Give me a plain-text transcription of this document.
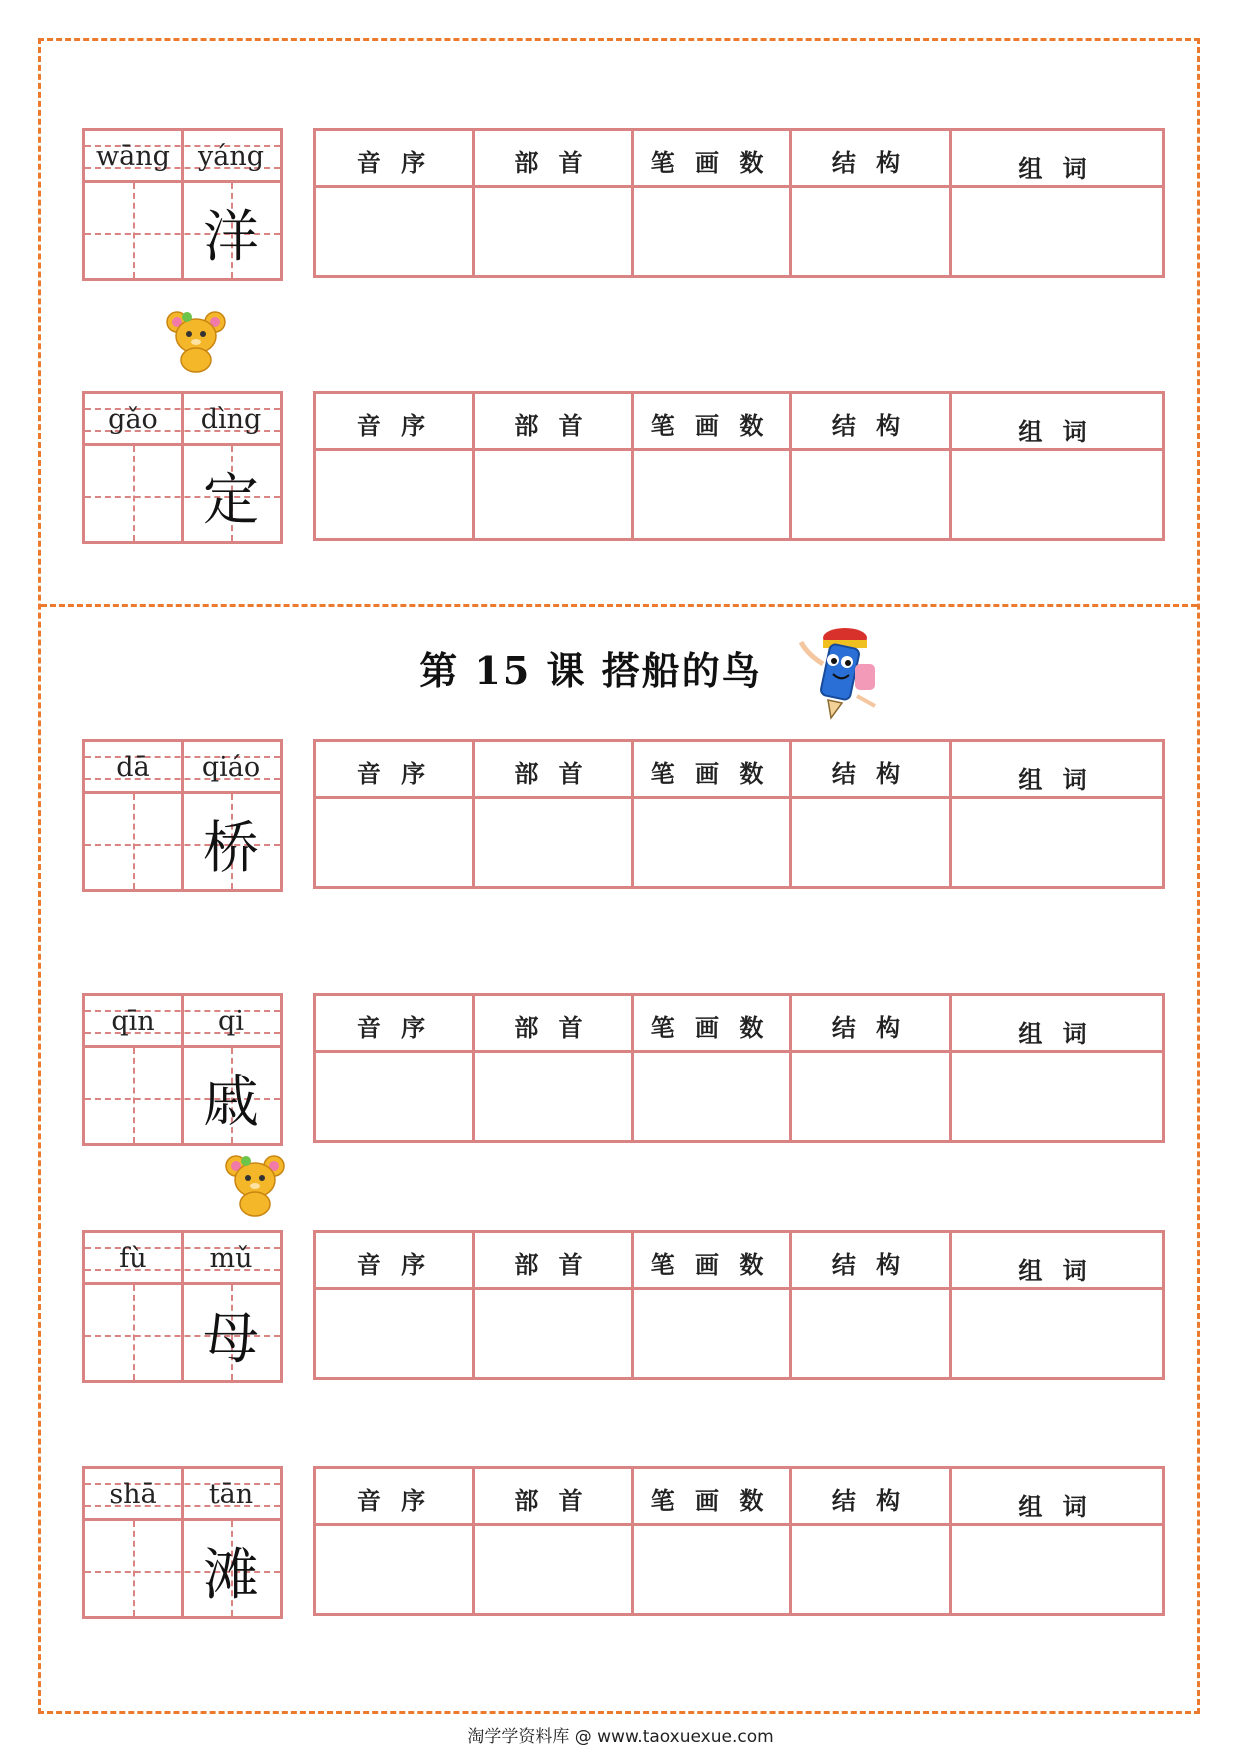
第 15 课 搭船的鸟
wāng	yáng
洋
音 序	部 首	笔 画 数	结 构	组 词
gǎo	dìng
定
音 序	部 首	笔 画 数	结 构	组 词
dā	qiáo
桥
音 序	部 首	笔 画 数	结 构	组 词
qīn	qi
戚
音 序	部 首	笔 画 数	结 构	组 词
fù	mǔ
母
音 序	部 首	笔 画 数	结 构	组 词
shā	tān
滩
音 序	部 首	笔 画 数	结 构	组 词
淘学学资料库 @ www.taoxuexue.com
